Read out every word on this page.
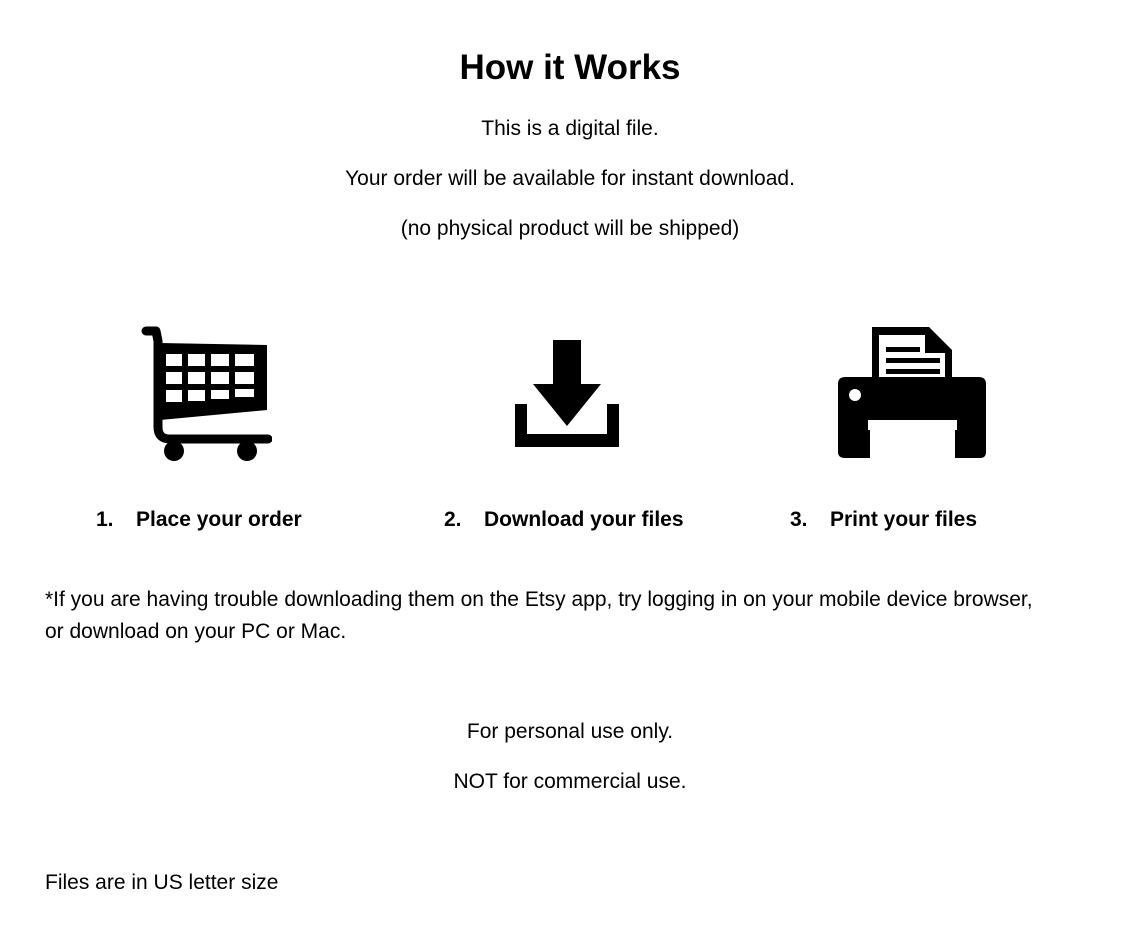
How it Works
This is a digital file.
Your order will be available for instant download.
(no physical product will be shipped)
1. Place your order	2. Download your files	3. Print your files
*If you are having trouble downloading them on the Etsy app, try logging in on your mobile device browser, or download on your PC or Mac.
For personal use only.
NOT for commercial use.
Files are in US letter size
